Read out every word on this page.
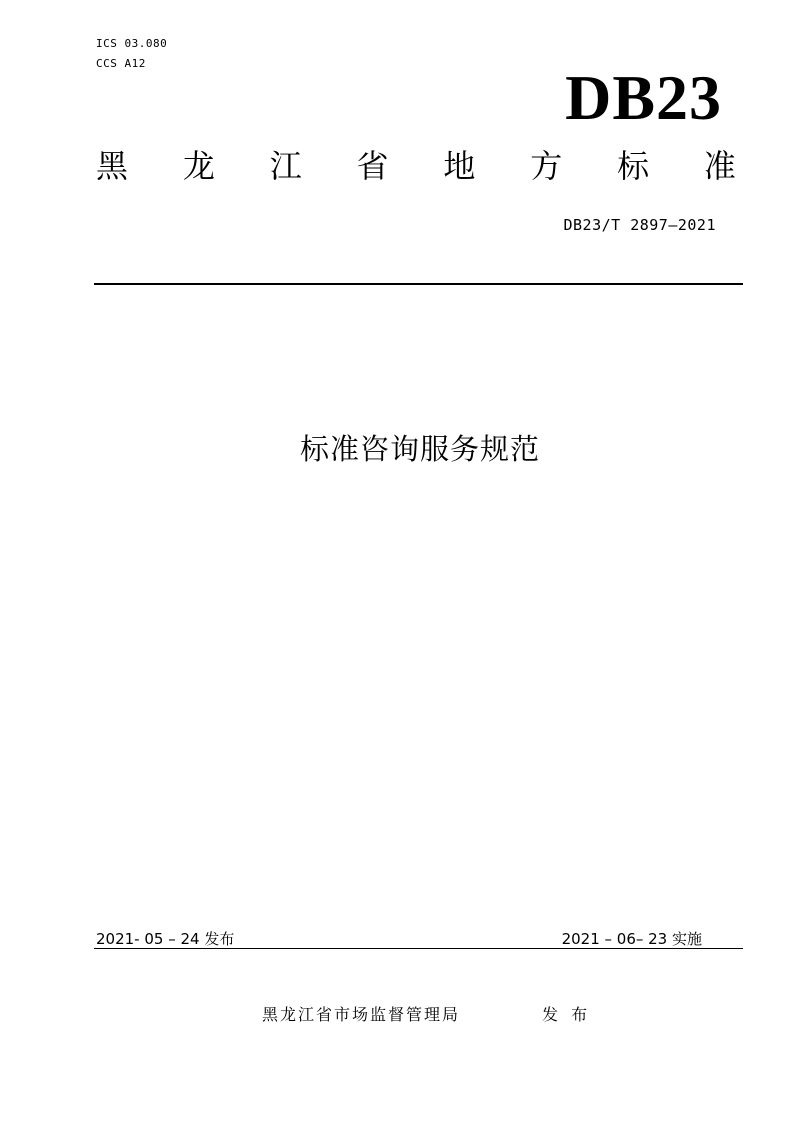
ICS 03.080
CCS A12	DB23
黑 龙 江 省 地 方 标 准
DB23/T 2897—2021
标准咨询服务规范
2021- 05 – 24 发布	2021 – 06– 23 实施
黑龙江省市场监督管理局	发 布
